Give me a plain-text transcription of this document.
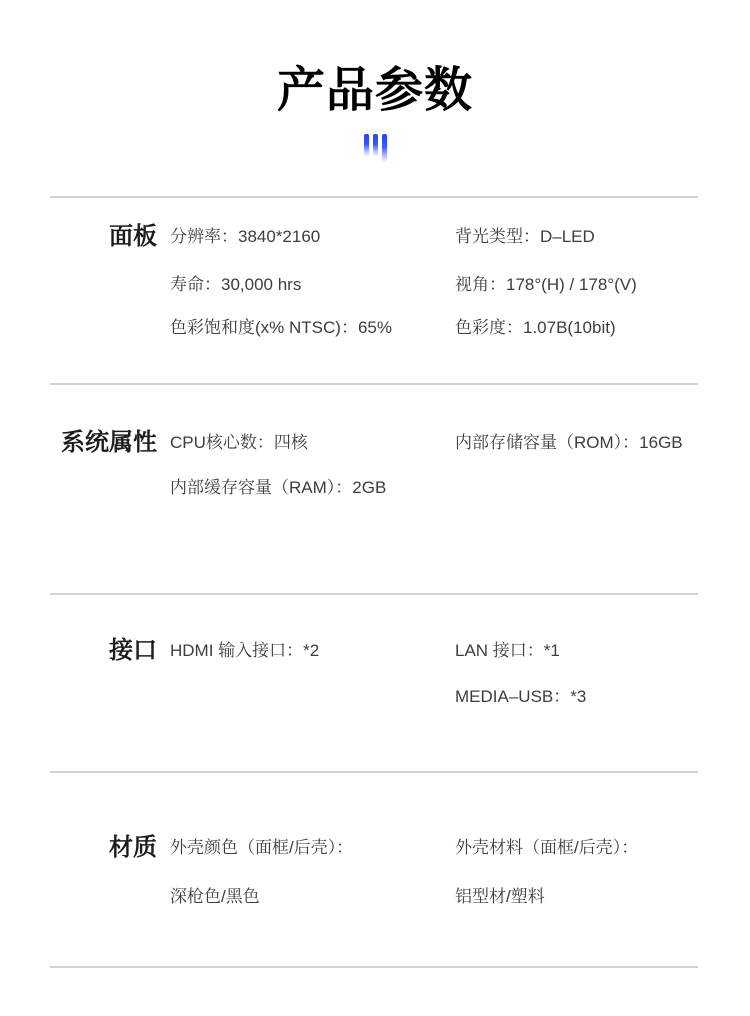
产品参数
面板 分辨率：3840*2160
寿命：30,000 hrs
色彩饱和度(x% NTSC)：65%
背光类型：D–LED
视角：178°(H) / 178°(V)
色彩度：1.07B(10bit)
系统属性 CPU核心数：四核
内部缓存容量（RAM）：2GB
内部存储容量（ROM）：16GB
接口 HDMI 输入接口：*2	LAN 接口：*1
MEDIA–USB：*3
材质 外壳颜色（面框/后壳）：
深枪色/黑色
外壳材料（面框/后壳）：
铝型材/塑料
